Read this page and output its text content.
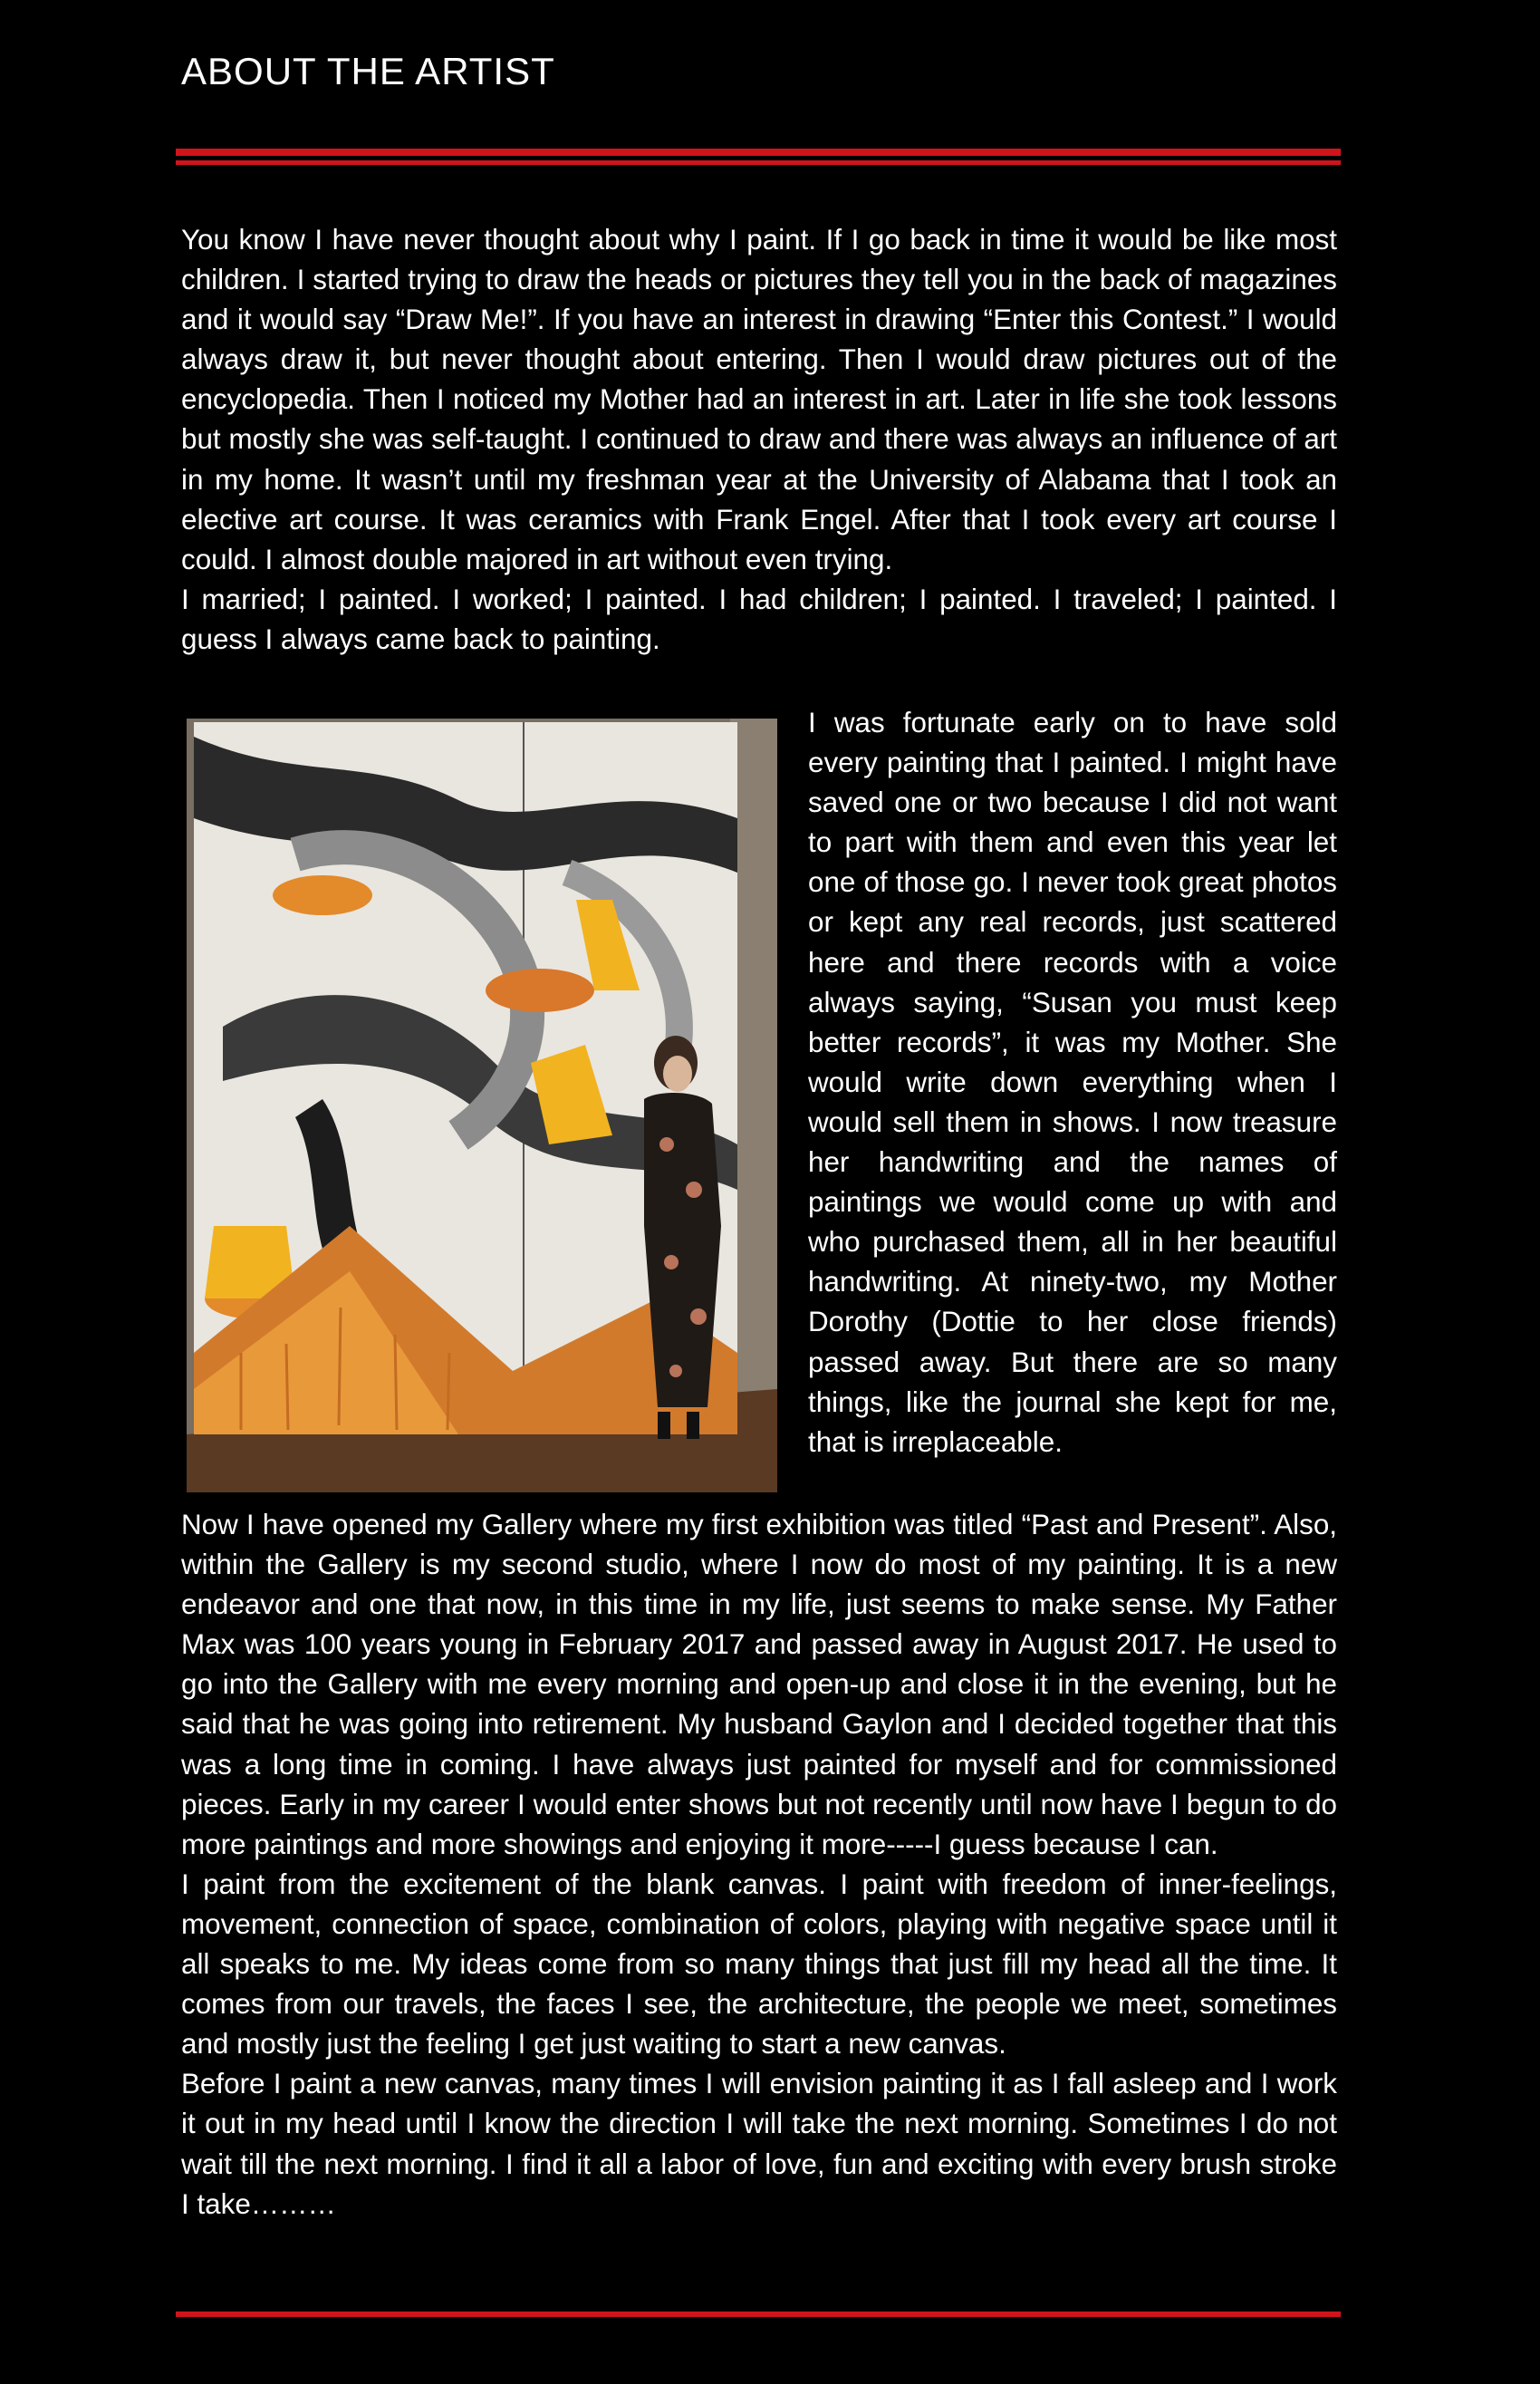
ABOUT THE ARTIST

You know I have never thought about why I paint. If I go back in time it would be like most children. I started trying to draw the heads or pictures they tell you in the back of magazines and it would say “Draw Me!”. If you have an interest in drawing “Enter this Contest.” I would always draw it, but never thought about entering. Then I would draw pictures out of the encyclopedia. Then I noticed my Mother had an interest in art. Later in life she took lessons but mostly she was self-taught. I continued to draw and there was always an influence of art in my home. It wasn’t until my freshman year at the University of Alabama that I took an elective art course. It was ceramics with Frank Engel. After that I took every art course I could. I almost double majored in art without even trying.

I married; I painted. I worked; I painted. I had children; I painted. I traveled; I painted. I guess I always came back to painting.

I was fortunate early on to have sold every painting that I painted. I might have saved one or two because I did not want to part with them and even this year let one of those go. I never took great photos or kept any real records, just scattered here and there records with a voice always saying, “Susan you must keep better records”, it was my Mother. She would write down everything when I would sell them in shows. I now treasure her handwriting and the names of paintings we would come up with and who purchased them, all in her beautiful handwriting. At ninety-two, my Mother Dorothy (Dottie to her close friends) passed away. But there are so many things, like the journal she kept for me, that is irreplaceable.

Now I have opened my Gallery where my first exhibition was titled “Past and Present”. Also, within the Gallery is my second studio, where I now do most of my painting. It is a new endeavor and one that now, in this time in my life, just seems to make sense. My Father Max was 100 years young in February 2017 and passed away in August 2017. He used to go into the Gallery with me every morning and open-up and close it in the evening, but he said that he was going into retirement. My husband Gaylon and I decided together that this was a long time in coming. I have always just painted for myself and for commissioned pieces. Early in my career I would enter shows but not recently until now have I begun to do more paintings and more showings and enjoying it more-----I guess because I can.

I paint from the excitement of the blank canvas. I paint with freedom of inner-feelings, movement, connection of space, combination of colors, playing with negative space until it all speaks to me. My ideas come from so many things that just fill my head all the time. It comes from our travels, the faces I see, the architecture, the people we meet, sometimes and mostly just the feeling I get just waiting to start a new canvas.

Before I paint a new canvas, many times I will envision painting it as I fall asleep and I work it out in my head until I know the direction I will take the next morning. Sometimes I do not wait till the next morning. I find it all a labor of love, fun and exciting with every brush stroke I take………
